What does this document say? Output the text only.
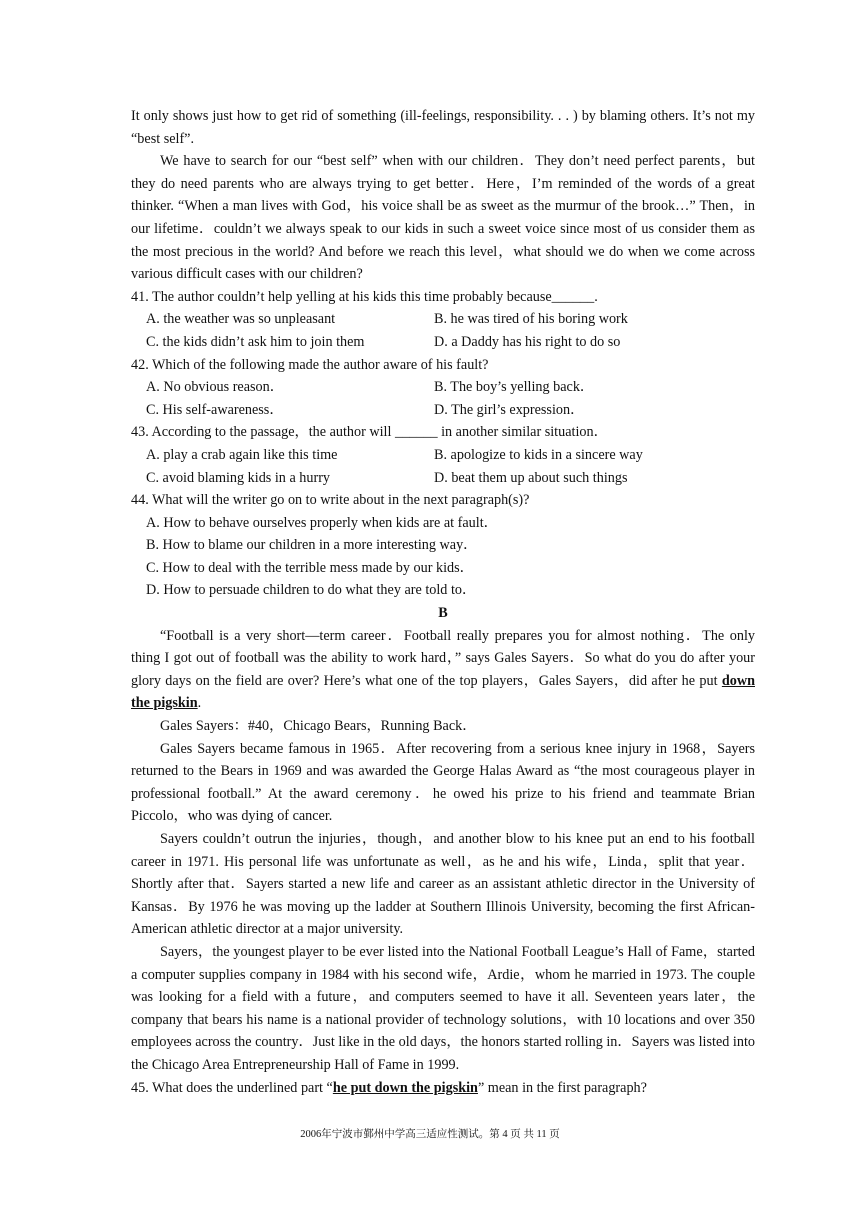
It only shows just how to get rid of something (ill-feelings, responsibility. . . ) by blaming others. It’s not my “best self”.

We have to search for our “best self” when with our children．They don’t need perfect parents，but they do need parents who are always trying to get better．Here，I’m reminded of the words of a great thinker. “When a man lives with God，his voice shall be as sweet as the murmur of the brook…” Then，in our lifetime．couldn’t we always speak to our kids in such a sweet voice since most of us consider them as the most precious in the world? And before we reach this level，what should we do when we come across various difficult cases with our children?

41. The author couldn’t help yelling at his kids this time probably because______.

A. the weather was so unpleasant	B. he was tired of his boring work
C. the kids didn’t ask him to join them	D. a Daddy has his right to do so

42. Which of the following made the author aware of his fault?

A. No obvious reason．	B. The boy’s yelling back．
C. His self-awareness．	D. The girl’s expression．

43. According to the passage，the author will ______ in another similar situation．

A. play a crab again like this time	B. apologize to kids in a sincere way
C. avoid blaming kids in a hurry	D. beat them up about such things

44. What will the writer go on to write about in the next paragraph(s)?

A. How to behave ourselves properly when kids are at fault．
B. How to blame our children in a more interesting way．
C. How to deal with the terrible mess made by our kids．
D. How to persuade children to do what they are told to．

B

“Football is a very short—term career．Football really prepares you for almost nothing．The only thing I got out of football was the ability to work hard，” says Gales Sayers．So what do you do after your glory days on the field are over? Here’s what one of the top players，Gales Sayers，did after he put down the pigskin.

Gales Sayers：#40，Chicago Bears，Running Back．

Gales Sayers became famous in 1965．After recovering from a serious knee injury in 1968，Sayers returned to the Bears in 1969 and was awarded the George Halas Award as “the most courageous player in professional football.” At the award ceremony．he owed his prize to his friend and teammate Brian Piccolo，who was dying of cancer.

Sayers couldn’t outrun the injuries，though，and another blow to his knee put an end to his football career in 1971. His personal life was unfortunate as well，as he and his wife，Linda，split that year．Shortly after that．Sayers started a new life and career as an assistant athletic director in the University of Kansas．By 1976 he was moving up the ladder at Southern Illinois University, becoming the first African-American athletic director at a major university.

Sayers，the youngest player to be ever listed into the National Football League’s Hall of Fame，started a computer supplies company in 1984 with his second wife，Ardie，whom he married in 1973. The couple was looking for a field with a future，and computers seemed to have it all. Seventeen years later，the company that bears his name is a national provider of technology solutions，with 10 locations and over 350 employees across the country．Just like in the old days，the honors started rolling in．Sayers was listed into the Chicago Area Entrepreneurship Hall of Fame in 1999.

45. What does the underlined part “he put down the pigskin” mean in the first paragraph?

2006年宁波市鄞州中学高三适应性测试。第 4 页 共 11 页
